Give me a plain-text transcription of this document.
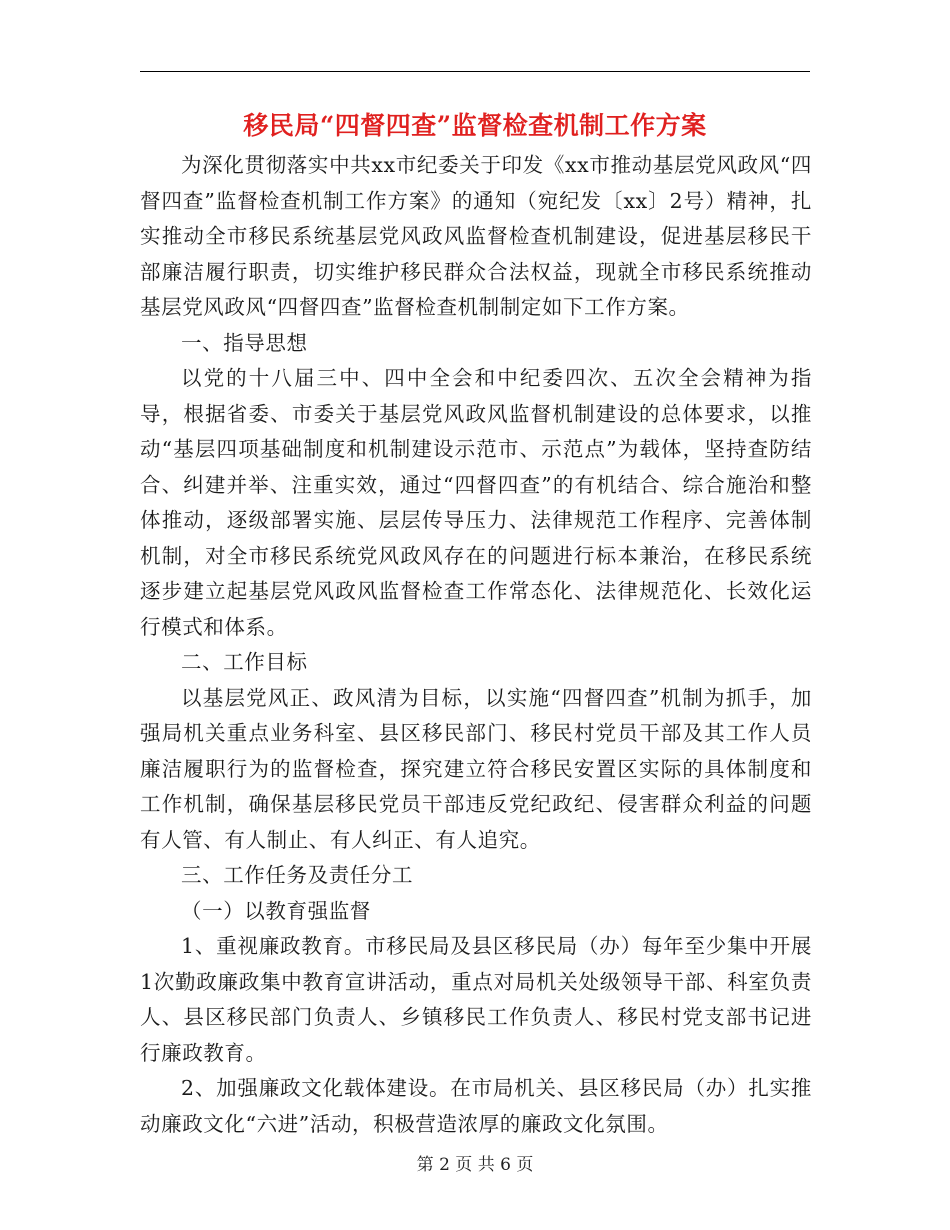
移民局“四督四查”监督检查机制工作方案

为深化贯彻落实中共xx市纪委关于印发《xx市推动基层党风政风“四督四查”监督检查机制工作方案》的通知（宛纪发〔xx〕2号）精神，扎实推动全市移民系统基层党风政风监督检查机制建设，促进基层移民干部廉洁履行职责，切实维护移民群众合法权益，现就全市移民系统推动基层党风政风“四督四查”监督检查机制制定如下工作方案。

一、指导思想

以党的十八届三中、四中全会和中纪委四次、五次全会精神为指导，根据省委、市委关于基层党风政风监督机制建设的总体要求，以推动“基层四项基础制度和机制建设示范市、示范点”为载体，坚持查防结合、纠建并举、注重实效，通过“四督四查”的有机结合、综合施治和整体推动，逐级部署实施、层层传导压力、法律规范工作程序、完善体制机制，对全市移民系统党风政风存在的问题进行标本兼治，在移民系统逐步建立起基层党风政风监督检查工作常态化、法律规范化、长效化运行模式和体系。

二、工作目标

以基层党风正、政风清为目标，以实施“四督四查”机制为抓手，加强局机关重点业务科室、县区移民部门、移民村党员干部及其工作人员廉洁履职行为的监督检查，探究建立符合移民安置区实际的具体制度和工作机制，确保基层移民党员干部违反党纪政纪、侵害群众利益的问题有人管、有人制止、有人纠正、有人追究。

三、工作任务及责任分工

（一）以教育强监督

1、重视廉政教育。市移民局及县区移民局（办）每年至少集中开展1次勤政廉政集中教育宣讲活动，重点对局机关处级领导干部、科室负责人、县区移民部门负责人、乡镇移民工作负责人、移民村党支部书记进行廉政教育。

2、加强廉政文化载体建设。在市局机关、县区移民局（办）扎实推动廉政文化“六进”活动，积极营造浓厚的廉政文化氛围。

第 2 页 共 6 页
